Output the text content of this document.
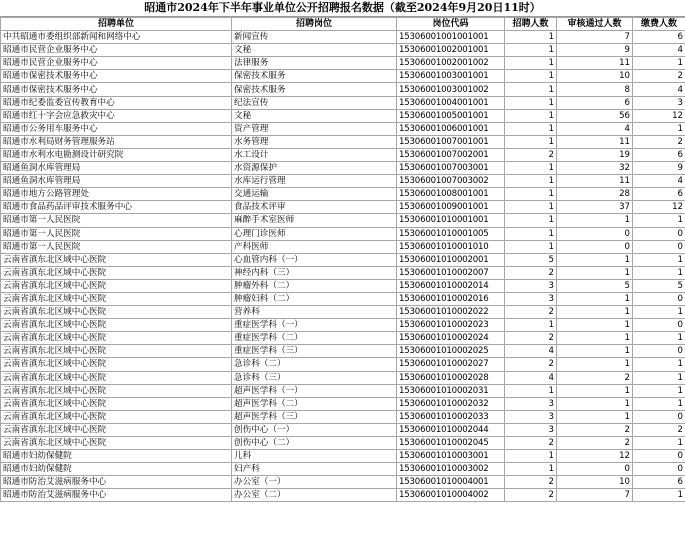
昭通市2024年下半年事业单位公开招聘报名数据（截至2024年9月20日11时）
招聘单位	招聘岗位	岗位代码	招聘人数	审核通过人数	缴费人数
中共昭通市委组织部新闻和网络中心	新闻宣传	15306001001001001	1	7	6
昭通市民营企业服务中心	文秘	15306001002001001	1	9	4
昭通市民营企业服务中心	法律服务	15306001002001002	1	11	1
昭通市保密技术服务中心	保密技术服务	15306001003001001	1	10	2
昭通市保密技术服务中心	保密技术服务	15306001003001002	1	8	4
昭通市纪委监委宣传教育中心	纪法宣传	15306001004001001	1	6	3
昭通市红十字会应急救灾中心	文秘	15306001005001001	1	56	12
昭通市公务用车服务中心	资产管理	15306001006001001	1	4	1
昭通市水利局财务管理服务站	水务管理	15306001007001001	1	11	2
昭通市水利水电勘测设计研究院	水工设计	15306001007002001	2	19	6
昭通鱼洞水库管理局	水资源保护	15306001007003001	1	32	9
昭通鱼洞水库管理局	水库运行管理	15306001007003002	1	11	4
昭通市地方公路管理处	交通运输	15306001008001001	1	28	6
昭通市食品药品评审技术服务中心	食品技术评审	15306001009001001	1	37	12
昭通市第一人民医院	麻醉手术室医师	15306001010001001	1	1	1
昭通市第一人民医院	心理门诊医师	15306001010001005	1	0	0
昭通市第一人民医院	产科医师	15306001010001010	1	0	0
云南省滇东北区域中心医院	心血管内科（一）	15306001010002001	5	1	1
云南省滇东北区域中心医院	神经内科（三）	15306001010002007	2	1	1
云南省滇东北区域中心医院	肿瘤外科（二）	15306001010002014	3	5	5
云南省滇东北区域中心医院	肿瘤妇科（二）	15306001010002016	3	1	0
云南省滇东北区域中心医院	营养科	15306001010002022	2	1	1
云南省滇东北区域中心医院	重症医学科（一）	15306001010002023	1	1	0
云南省滇东北区域中心医院	重症医学科（二）	15306001010002024	2	1	1
云南省滇东北区域中心医院	重症医学科（三）	15306001010002025	4	1	0
云南省滇东北区域中心医院	急诊科（二）	15306001010002027	2	1	1
云南省滇东北区域中心医院	急诊科（三）	15306001010002028	4	2	1
云南省滇东北区域中心医院	超声医学科（一）	15306001010002031	1	1	1
云南省滇东北区域中心医院	超声医学科（二）	15306001010002032	3	1	1
云南省滇东北区域中心医院	超声医学科（三）	15306001010002033	3	1	0
云南省滇东北区域中心医院	创伤中心（一）	15306001010002044	3	2	2
云南省滇东北区域中心医院	创伤中心（二）	15306001010002045	2	2	1
昭通市妇幼保健院	儿科	15306001010003001	1	12	0
昭通市妇幼保健院	妇产科	15306001010003002	1	0	0
昭通市防治艾滋病服务中心	办公室（一）	15306001010004001	2	10	6
昭通市防治艾滋病服务中心	办公室（二）	15306001010004002	2	7	1
